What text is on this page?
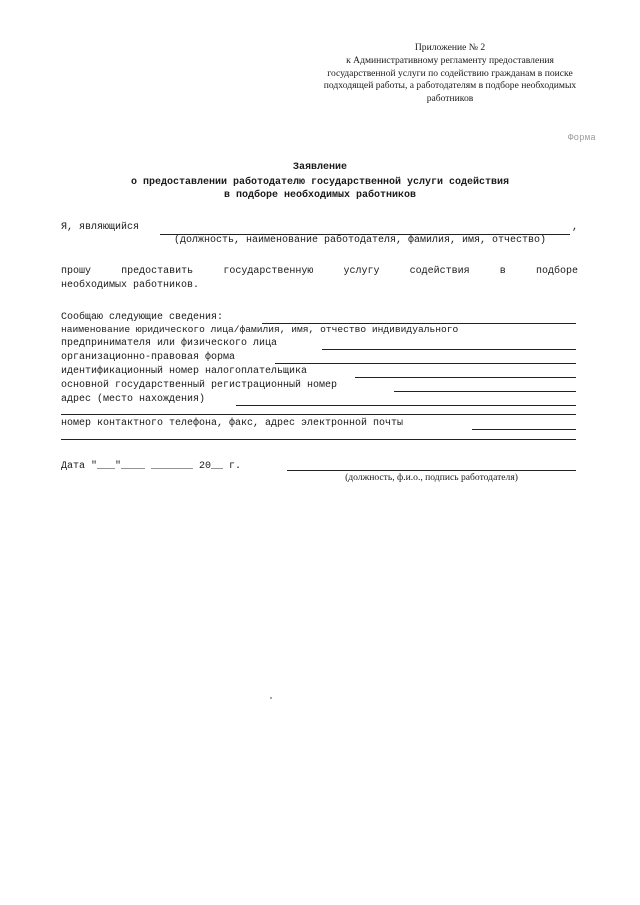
Приложение № 2
к Административному регламенту предоставления
государственной услуги по содействию гражданам в поиске
подходящей работы, а работодателям в подборе необходимых
работников
Форма
Заявление
о предоставлении работодателю государственной услуги содействия
в подборе необходимых работников
Я, являющийся	,
(должность, наименование работодателя, фамилия, имя, отчество)
прошу	предоставить	государственную	услугу	содействия	в	подборе
необходимых работников.
Сообщаю следующие сведения:
наименование юридического лица/фамилия, имя, отчество индивидуального
предпринимателя или физического лица
организационно-правовая форма
идентификационный номер налогоплательщика
основной государственный регистрационный номер
адрес (место нахождения)
номер контактного телефона, факс, адрес электронной почты
Дата "___"____ _______ 20__ г.
(должность, ф.и.о., подпись работодателя)
